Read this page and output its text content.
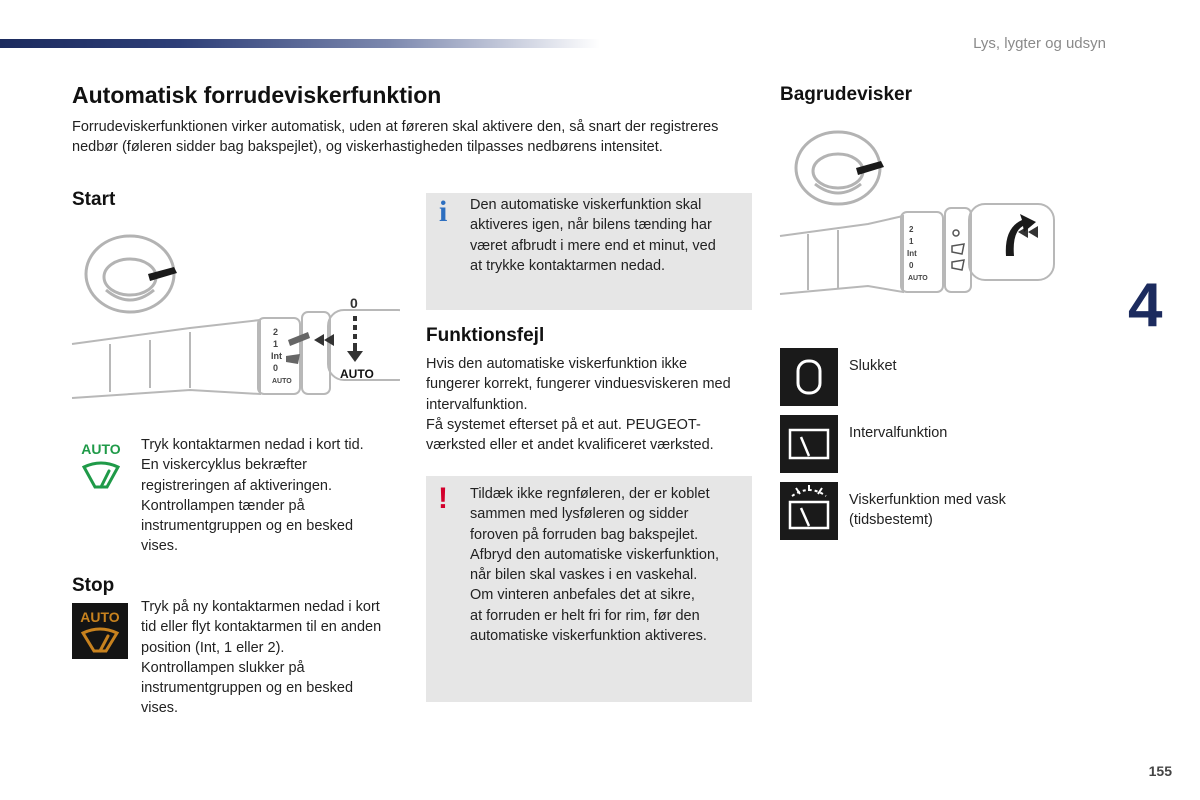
Lys, lygter og udsyn
4
155
Automatisk forrudeviskerfunktion

Forrudeviskerfunktionen virker automatisk, uden at føreren skal aktivere den, så snart der registreres nedbør (føleren sidder bag bakspejlet), og viskerhastigheden tilpasses nedbørens intensitet.

Start
2
1
Int
0
AUTO
0
AUTO
AUTO Tryk kontaktarmen nedad i kort tid.
En viskercyklus bekræfter
registreringen af aktiveringen.
Kontrollampen tænder på
instrumentgruppen og en besked
vises.
Stop
AUTO
Tryk på ny kontaktarmen nedad i kort
tid eller flyt kontaktarmen til en anden
position (Int, 1 eller 2).
Kontrollampen slukker på
instrumentgruppen og en besked
vises.
i Den automatiske viskerfunktion skal
aktiveres igen, når bilens tænding har
været afbrudt i mere end et minut, ved
at trykke kontaktarmen nedad.
Funktionsfejl
Hvis den automatiske viskerfunktion ikke
fungerer korrekt, fungerer vinduesviskeren med
intervalfunktion.
Få systemet efterset på et aut. PEUGEOT-
værksted eller et andet kvalificeret værksted.
! Tildæk ikke regnføleren, der er koblet
sammen med lysføleren og sidder
foroven på forruden bag bakspejlet.
Afbryd den automatiske viskerfunktion,
når bilen skal vaskes i en vaskehal.
Om vinteren anbefales det at sikre,
at forruden er helt fri for rim, før den
automatiske viskerfunktion aktiveres.
Bagrudevisker
2
1
Int
0
AUTO
Slukket
Intervalfunktion
Viskerfunktion med vask
(tidsbestemt)
